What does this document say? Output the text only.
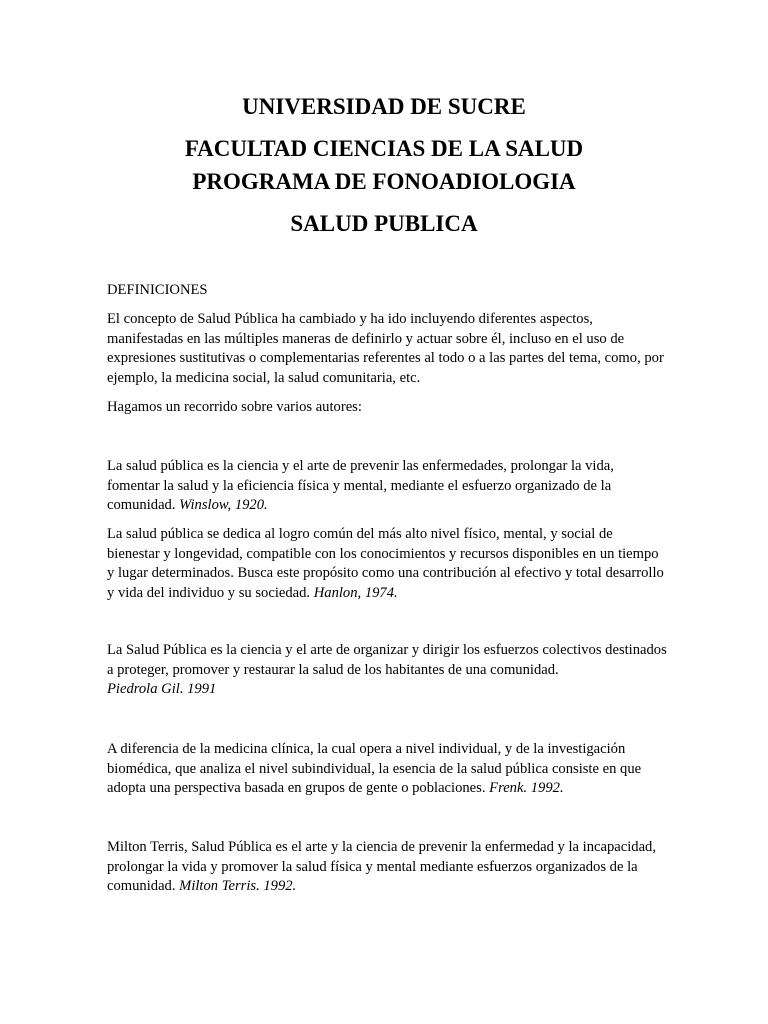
UNIVERSIDAD DE SUCRE
FACULTAD CIENCIAS DE LA SALUD
PROGRAMA DE FONOADIOLOGIA
SALUD PUBLICA

DEFINICIONES

El concepto de Salud Pública ha cambiado y ha ido incluyendo diferentes aspectos, manifestadas en las múltiples maneras de definirlo y actuar sobre él, incluso en el uso de expresiones sustitutivas o complementarias referentes al todo o a las partes del tema, como, por ejemplo, la medicina social, la salud comunitaria, etc.

Hagamos un recorrido sobre varios autores:

La salud pública es la ciencia y el arte de prevenir las enfermedades, prolongar la vida, fomentar la salud y la eficiencia física y mental, mediante el esfuerzo organizado de la comunidad. Winslow, 1920.

La salud pública se dedica al logro común del más alto nivel físico, mental, y social de bienestar y longevidad, compatible con los conocimientos y recursos disponibles en un tiempo y lugar determinados. Busca este propósito como una contribución al efectivo y total desarrollo y vida del individuo y su sociedad. Hanlon, 1974.

La Salud Pública es la ciencia y el arte de organizar y dirigir los esfuerzos colectivos destinados a proteger, promover y restaurar la salud de los habitantes de una comunidad.
Piedrola Gil. 1991

A diferencia de la medicina clínica, la cual opera a nivel individual, y de la investigación biomédica, que analiza el nivel subindividual, la esencia de la salud pública consiste en que adopta una perspectiva basada en grupos de gente o poblaciones. Frenk. 1992.

Milton Terris, Salud Pública es el arte y la ciencia de prevenir la enfermedad y la incapacidad, prolongar la vida y promover la salud física y mental mediante esfuerzos organizados de la comunidad. Milton Terris. 1992.
